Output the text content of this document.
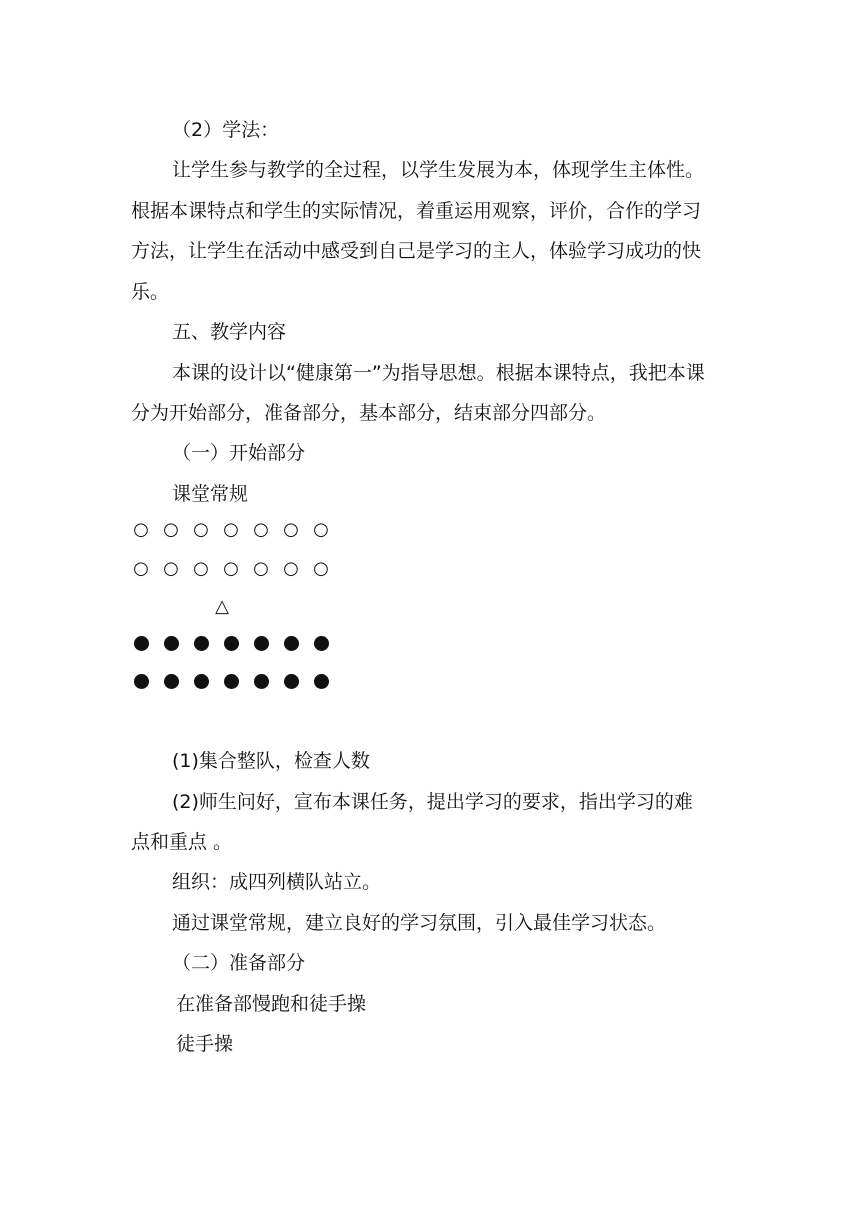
（2）学法：
让学生参与教学的全过程，以学生发展为本，体现学生主体性。
根据本课特点和学生的实际情况，着重运用观察，评价，合作的学习
方法，让学生在活动中感受到自己是学习的主人，体验学习成功的快
乐。
五、教学内容
本课的设计以“健康第一”为指导思想。根据本课特点，我把本课
分为开始部分，准备部分，基本部分，结束部分四部分。
（一）开始部分
课堂常规
○ ○ ○ ○ ○ ○ ○
○ ○ ○ ○ ○ ○ ○
△
(1)集合整队，检查人数
(2)师生问好，宣布本课任务，提出学习的要求，指出学习的难
点和重点 。
组织：成四列横队站立。
通过课堂常规，建立良好的学习氛围，引入最佳学习状态。
（二）准备部分
在准备部慢跑和徒手操
徒手操
